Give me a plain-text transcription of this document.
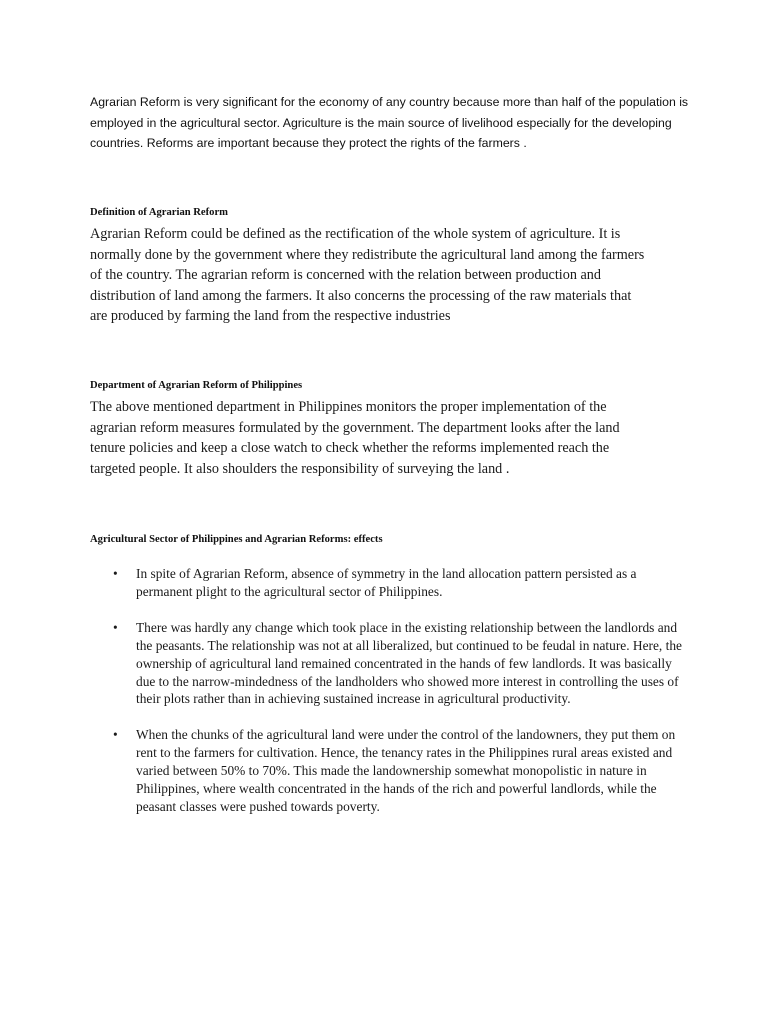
Agrarian Reform is very significant for the economy of any country because more than half of the population is employed in the agricultural sector. Agriculture is the main source of livelihood especially for the developing countries. Reforms are important because they protect the rights of the farmers .

Definition of Agrarian Reform

Agrarian Reform could be defined as the rectification of the whole system of agriculture. It is normally done by the government where they redistribute the agricultural land among the farmers of the country. The agrarian reform is concerned with the relation between production and distribution of land among the farmers. It also concerns the processing of the raw materials that are produced by farming the land from the respective industries

Department of Agrarian Reform of Philippines

The above mentioned department in Philippines monitors the proper implementation of the agrarian reform measures formulated by the government. The department looks after the land tenure policies and keep a close watch to check whether the reforms implemented reach the targeted people. It also shoulders the responsibility of surveying the land .

Agricultural Sector of Philippines and Agrarian Reforms: effects
• In spite of Agrarian Reform, absence of symmetry in the land allocation pattern persisted as a permanent plight to the agricultural sector of Philippines.
• There was hardly any change which took place in the existing relationship between the landlords and the peasants. The relationship was not at all liberalized, but continued to be feudal in nature. Here, the ownership of agricultural land remained concentrated in the hands of few landlords. It was basically due to the narrow-mindedness of the landholders who showed more interest in controlling the uses of their plots rather than in achieving sustained increase in agricultural productivity.
• When the chunks of the agricultural land were under the control of the landowners, they put them on rent to the farmers for cultivation. Hence, the tenancy rates in the Philippines rural areas existed and varied between 50% to 70%. This made the landownership somewhat monopolistic in nature in Philippines, where wealth concentrated in the hands of the rich and powerful landlords, while the peasant classes were pushed towards poverty.
